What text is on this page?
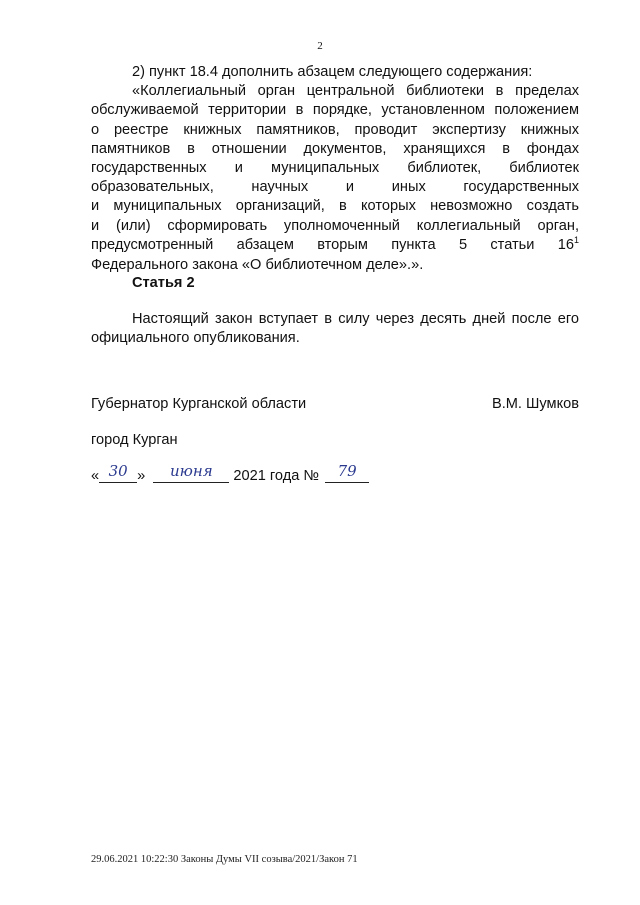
2

2) пункт 18.4 дополнить абзацем следующего содержания:

«Коллегиальный орган центральной библиотеки в пределах
обслуживаемой территории в порядке, установленном положением
о реестре книжных памятников, проводит экспертизу книжных
памятников в отношении документов, хранящихся в фондах
государственных и муниципальных библиотек, библиотек
образовательных, научных и иных государственных
и муниципальных организаций, в которых невозможно создать
и (или) сформировать уполномоченный коллегиальный орган,
предусмотренный абзацем вторым пункта 5 статьи $16^1$
Федерального закона «О библиотечном деле».».
Статья 2

Настоящий закон вступает в силу через десять дней после его официального опубликования.

Губернатор Курганской области	В.М. Шумков
город Курган
« 30 » июня 2021 года № 79
29.06.2021 10:22:30 Законы Думы VII созыва/2021/Закон 71
